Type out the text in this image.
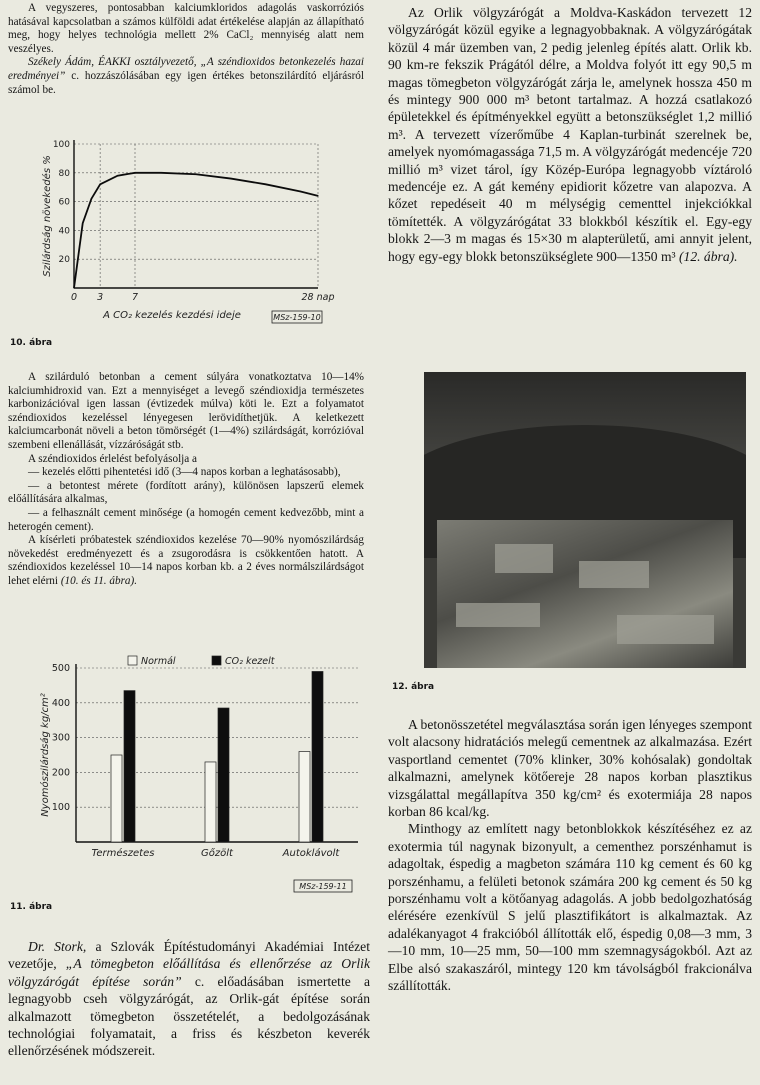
A vegyszeres, pontosabban kalciumkloridos adagolás vaskorróziós hatásával kapcsolatban a számos külföldi adat értékelése alapján az állapítható meg, hogy helyes technológia mellett 2% CaCl₂ mennyiség alatt nem veszélyes.

Székely Ádám, ÉAKKI osztályvezető, „A széndioxidos betonkezelés hazai eredményei” c. hozzászólásában egy igen értékes betonszilárdító eljárásról számol be.

20
40
60
80
100
0 3	7	28 nap
A CO₂ kezelés kezdési ideje
Szilárdság növekedés %
MSz-159-10
10. ábra

A szilárduló betonban a cement súlyára vonatkoztatva 10—14% kalciumhidroxid van. Ezt a mennyiséget a levegő széndioxidja természetes karbonizációval igen lassan (évtizedek múlva) köti le. Ezt a folyamatot széndioxidos kezeléssel lényegesen lerövidíthetjük. A keletkezett kalciumcarbonát növeli a beton tömörségét (1—4%) szilárdságát, korrózióval szembeni ellenállását, vízzáróságát stb.

A széndioxidos érlelést befolyásolja a

— kezelés előtti pihentetési idő (3—4 napos korban a leghatásosabb),

— a betontest mérete (fordított arány), különösen lapszerű elemek előállítására alkalmas,

— a felhasznált cement minősége (a homogén cement kedvezőbb, mint a heterogén cement).

A kísérleti próbatestek széndioxidos kezelése 70—90% nyomószilárdság növekedést eredményezett és a zsugorodásra is csökkentően hatott. A széndioxidos kezeléssel 10—14 napos korban kb. a 2 éves normálszilárdságot lehet elérni (10. és 11. ábra).

100
200
300
400
500
Természetes	Gőzölt	Autoklávolt
Normál	CO₂ kezelt
Nyomószilárdság kg/cm²
MSz-159-11
11. ábra

Dr. Stork, a Szlovák Építéstudományi Akadémiai Intézet vezetője, „A tömegbeton előállítása és ellenőrzése az Orlik völgyzárógát építése során” c. előadásában ismertette a legnagyobb cseh völgyzárógát, az Orlik-gát építése során alkalmazott tömegbeton összetételét, a bedolgozásának technológiai folyamatait, a friss és készbeton keverék ellenőrzésének módszereit.

Az Orlik völgyzárógát a Moldva-Kaskádon tervezett 12 völgyzárógát közül egyike a legnagyobbaknak. A völgyzárógátak közül 4 már üzemben van, 2 pedig jelenleg építés alatt. Orlik kb. 90 km-re fekszik Prágától délre, a Moldva folyót itt egy 90,5 m magas tömegbeton völgyzárógát zárja le, amelynek hossza 450 m és mintegy 900 000 m³ betont tartalmaz. A hozzá csatlakozó épületekkel és építményekkel együtt a betonszükséglet 1,2 millió m³. A tervezett vízerőműbe 4 Kaplan-turbinát szerelnek be, amelyek nyomómagassága 71,5 m. A völgyzárógát medencéje 720 millió m³ vizet tárol, így Közép-Európa legnagyobb víztároló medencéje ez. A gát kemény epidiorit kőzetre van alapozva. A kőzet repedéseit 40 m mélységig cementtel injekciókkal tömítették. A völgyzárógátat 33 blokkból készítik el. Egy-egy blokk 2—3 m magas és 15×30 m alapterületű, ami annyit jelent, hogy egy-egy blokk betonszükséglete 900—1350 m³ (12. ábra).

12. ábra

A betonösszetétel megválasztása során igen lényeges szempont volt alacsony hidratációs melegű cementnek az alkalmazása. Ezért vasportland cementet (70% klinker, 30% kohósalak) gondoltak alkalmazni, amelynek kötőereje 28 napos korban plasztikus vizsgálattal megállapítva 350 kg/cm² és exotermiája 28 napos korban 86 kcal/kg.

Minthogy az említett nagy betonblokkok készítéséhez ez az exotermia túl nagynak bizonyult, a cementhez porszénhamut is adagoltak, éspedig a magbeton számára 110 kg cement és 60 kg porszénhamu, a felületi betonok számára 200 kg cement és 50 kg porszénhamu volt a kötőanyag adagolás. A jobb bedolgozhatóság elérésére ezenkívül S jelű plasztifikátort is alkalmaztak. Az adalékanyagot 4 frakcióból állították elő, éspedig 0,08—3 mm, 3—10 mm, 10—25 mm, 50—100 mm szemnagyságokból. Azt az Elbe alsó szakaszáról, mintegy 120 km távolságból frakcionálva szállították.
